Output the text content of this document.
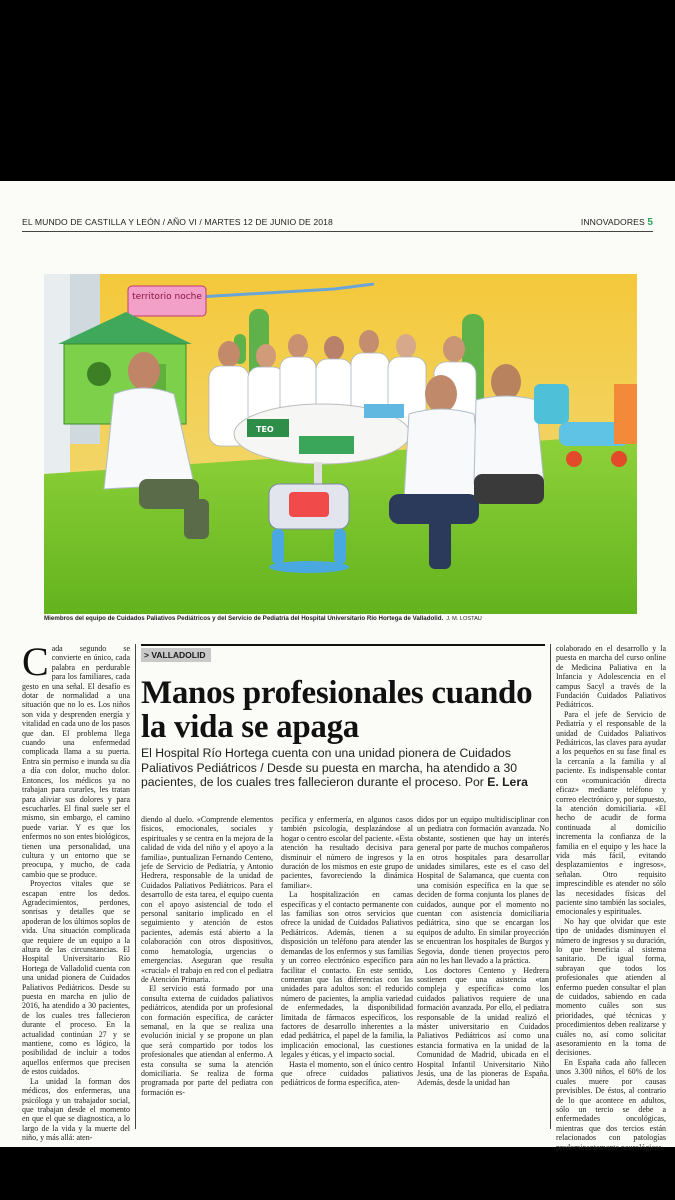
EL MUNDO DE CASTILLA Y LEÓN / AÑO VI / MARTES 12 DE JUNIO DE 2018	INNOVADORES 5
territorio noche
TEO
Miembros del equipo de Cuidados Paliativos Pediátricos y del Servicio de Pediatría del Hospital Universitario Río Hortega de Valladolid. J. M. LOSTAU
> VALLADOLID
Manos profesionales cuando la vida se apaga
El Hospital Río Hortega cuenta con una unidad pionera de Cuidados Paliativos Pediátricos / Desde su puesta en marcha, ha atendido a 30 pacientes, de los cuales tres fallecieron durante el proceso. Por E. Lera

Cada segundo se convierte en único, cada palabra en perdurable para los familiares, cada gesto en una señal. El desafío es dotar de normalidad a una situación que no lo es. Los niños son vida y desprenden energía y vitalidad en cada uno de los pasos que dan. El problema llega cuando una enfermedad complicada llama a su puerta. Entra sin permiso e inunda su día a día con dolor, mucho dolor. Entonces, los médicos ya no trabajan para curarles, les tratan para aliviar sus dolores y para escucharles. El final suele ser el mismo, sin embargo, el camino puede variar. Y es que los enfermos no son entes biológicos, tienen una personalidad, una cultura y un entorno que se preocupa, y mucho, de cada cambio que se produce.

Proyectos vitales que se escapan entre los dedos. Agradecimientos, perdones, sonrisas y detalles que se apoderan de los últimos soplos de vida. Una situación complicada que requiere de un equipo a la altura de las circunstancias. El Hospital Universitario Río Hortega de Valladolid cuenta con una unidad pionera de Cuidados Paliativos Pediátricos. Desde su puesta en marcha en julio de 2016, ha atendido a 30 pacientes, de los cuales tres fallecieron durante el proceso. En la actualidad continúan 27 y se mantiene, como es lógico, la posibilidad de incluir a todos aquellos enfermos que precisen de estos cuidados.

La unidad la forman dos médicos, dos enfermeras, una psicóloga y un trabajador social, que trabajan desde el momento en que el que se diagnostica, a lo largo de la vida y la muerte del niño, y más allá: aten-

diendo al duelo. «Comprende elementos físicos, emocionales, sociales y espirituales y se centra en la mejora de la calidad de vida del niño y el apoyo a la familia», puntualizan Fernando Centeno, jefe de Servicio de Pediatría, y Antonio Hedrera, responsable de la unidad de Cuidados Paliativos Pediátricos. Para el desarrollo de esta tarea, el equipo cuenta con el apoyo asistencial de todo el personal sanitario implicado en el seguimiento y atención de estos pacientes, además está abierto a la colaboración con otros dispositivos, como hematología, urgencias o emergencias. Aseguran que resulta «crucial» el trabajo en red con el pediatra de Atención Primaria.

El servicio está formado por una consulta externa de cuidados paliativos pediátricos, atendida por un profesional con formación específica, de carácter semanal, en la que se realiza una evolución inicial y se propone un plan que será compartido por todos los profesionales que atiendan al enfermo. A esta consulta se suma la atención domiciliaria. Se realiza de forma programada por parte del pediatra con formación es-

pecífica y enfermería, en algunos casos también psicología, desplazándose al hogar o centro escolar del paciente. «Esta atención ha resultado decisiva para disminuir el número de ingresos y la duración de los mismos en este grupo de pacientes, favoreciendo la dinámica familiar».

La hospitalización en camas específicas y el contacto permanente con las familias son otros servicios que ofrece la unidad de Cuidados Paliativos Pediátricos. Además, tienen a su disposición un teléfono para atender las demandas de los enfermos y sus familias y un correo electrónico específico para facilitar el contacto. En este sentido, comentan que las diferencias con las unidades para adultos son: el reducido número de pacientes, la amplia variedad de enfermedades, la disponibilidad limitada de fármacos específicos, los factores de desarrollo inherentes a la edad pediátrica, el papel de la familia, la implicación emocional, las cuestiones legales y éticas, y el impacto social.

Hasta el momento, son el único centro que ofrece cuidados paliativos pediátricos de forma específica, aten-

didos por un equipo multidisciplinar con un pediatra con formación avanzada. No obstante, sostienen que hay un interés general por parte de muchos compañeros en otros hospitales para desarrollar unidades similares, este es el caso del Hospital de Salamanca, que cuenta con una comisión específica en la que se deciden de forma conjunta los planes de cuidados, aunque por el momento no cuentan con asistencia domiciliaria pediátrica, sino que se encargan los equipos de adulto. En similar proyección se encuentran los hospitales de Burgos y Segovia, donde tienen proyectos pero aún no les han llevado a la práctica.

Los doctores Centeno y Hedrera sostienen que una asistencia «tan compleja y específica» como los cuidados paliativos requiere de una formación avanzada. Por ello, el pediatra responsable de la unidad realizó el máster universitario en Cuidados Paliativos Pediátricos así como una estancia formativa en la unidad de la Comunidad de Madrid, ubicada en el Hospital Infantil Universitario Niño Jesús, una de las pioneras de España. Además, desde la unidad han

colaborado en el desarrollo y la puesta en marcha del curso online de Medicina Paliativa en la Infancia y Adolescencia en el campus Sacyl a través de la Fundación Cuidados Paliativos Pediátricos.

Para el jefe de Servicio de Pediatría y el responsable de la unidad de Cuidados Paliativos Pediátricos, las claves para ayudar a los pequeños en su fase final es la cercanía a la familia y al paciente. Es indispensable contar con «comunicación directa eficaz» mediante teléfono y correo electrónico y, por supuesto, la atención domiciliaria. «El hecho de acudir de forma continuada al domicilio incrementa la confianza de la familia en el equipo y les hace la vida más fácil, evitando desplazamientos e ingresos», señalan. Otro requisito imprescindible es atender no sólo las necesidades físicas del paciente sino también las sociales, emocionales y espirituales.

No hay que olvidar que este tipo de unidades disminuyen el número de ingresos y su duración, lo que beneficia al sistema sanitario. De igual forma, subrayan que todos los profesionales que atienden al enfermo pueden consultar el plan de cuidados, sabiendo en cada momento cuáles son sus prioridades, qué técnicas y procedimientos deben realizarse y cuáles no, así como solicitar asesoramiento en la toma de decisiones.

En España cada año fallecen unos 3.300 niños, el 60% de los cuales muere por causas previsibles. De éstos, al contrario de lo que acontece en adultos, sólo un tercio se debe a enfermedades oncológicas, mientras que dos tercios están relacionados con patologías predominantemente neurológicas.
